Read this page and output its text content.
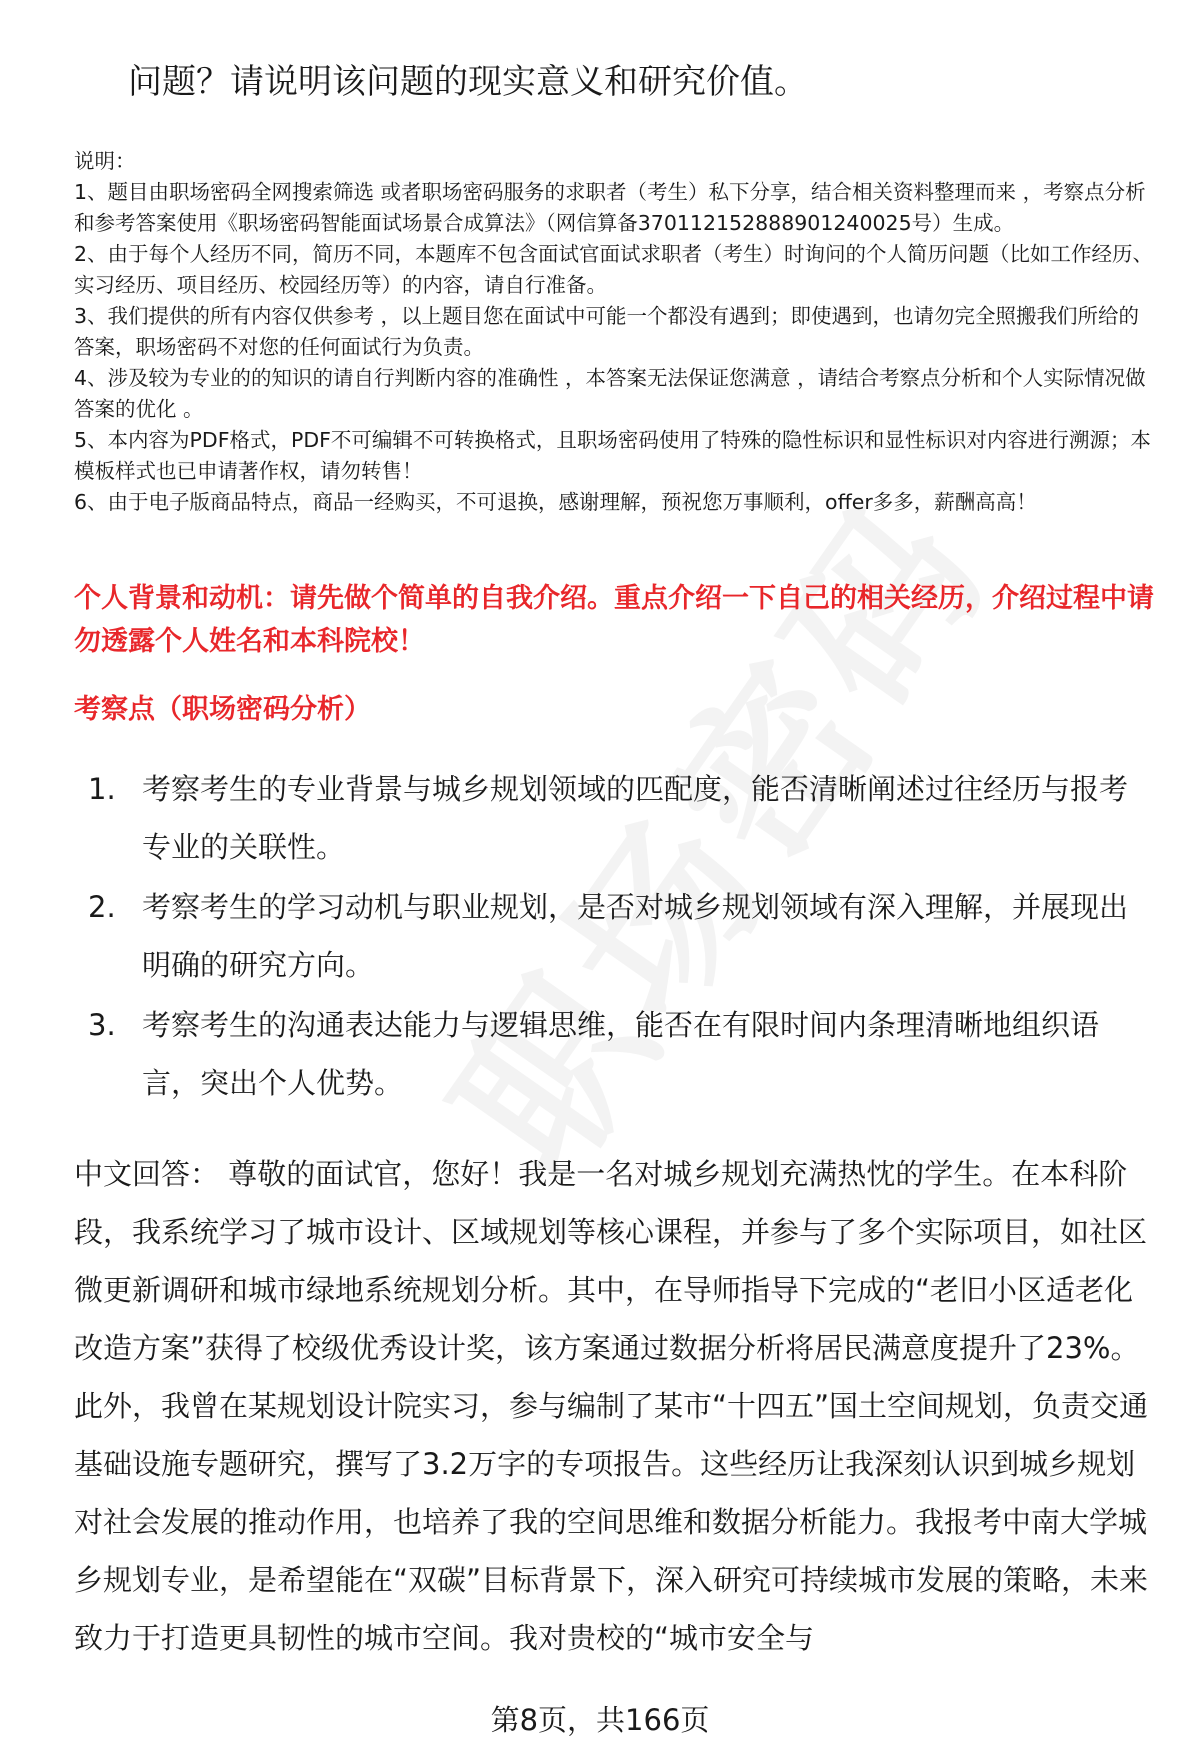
问题？请说明该问题的现实意义和研究价值。

说明：

1、题目由职场密码全网搜索筛选 或者职场密码服务的求职者（考生）私下分享，结合相关资料整理而来 ，考察点分析和参考答案使用《职场密码智能面试场景合成算法》（网信算备370112152888901240025号）生成。

2、由于每个人经历不同，简历不同，本题库不包含面试官面试求职者（考生）时询问的个人简历问题（比如工作经历、实习经历、项目经历、校园经历等）的内容，请自行准备。

3、我们提供的所有内容仅供参考 ，以上题目您在面试中可能一个都没有遇到；即使遇到，也请勿完全照搬我们所给的答案，职场密码不对您的任何面试行为负责。

4、涉及较为专业的的知识的请自行判断内容的准确性 ，本答案无法保证您满意 ，请结合考察点分析和个人实际情况做答案的优化 。

5、本内容为PDF格式，PDF不可编辑不可转换格式，且职场密码使用了特殊的隐性标识和显性标识对内容进行溯源；本模板样式也已申请著作权，请勿转售！

6、由于电子版商品特点，商品一经购买，不可退换，感谢理解，预祝您万事顺利，offer多多，薪酬高高！

个人背景和动机：请先做个简单的自我介绍。重点介绍一下自己的相关经历，介绍过程中请勿透露个人姓名和本科院校！

考察点（职场密码分析）

1. 考察考生的专业背景与城乡规划领域的匹配度，能否清晰阐述过往经历与报考专业的关联性。
2. 考察考生的学习动机与职业规划，是否对城乡规划领域有深入理解，并展现出明确的研究方向。
3. 考察考生的沟通表达能力与逻辑思维，能否在有限时间内条理清晰地组织语言，突出个人优势。

中文回答： 尊敬的面试官，您好！我是一名对城乡规划充满热忱的学生。在本科阶段，我系统学习了城市设计、区域规划等核心课程，并参与了多个实际项目，如社区微更新调研和城市绿地系统规划分析。其中，在导师指导下完成的“老旧小区适老化改造方案”获得了校级优秀设计奖，该方案通过数据分析将居民满意度提升了23%。此外，我曾在某规划设计院实习，参与编制了某市“十四五”国土空间规划，负责交通基础设施专题研究，撰写了3.2万字的专项报告。这些经历让我深刻认识到城乡规划对社会发展的推动作用，也培养了我的空间思维和数据分析能力。我报考中南大学城乡规划专业，是希望能在“双碳”目标背景下，深入研究可持续城市发展的策略，未来致力于打造更具韧性的城市空间。我对贵校的“城市安全与

第8页，共166页
